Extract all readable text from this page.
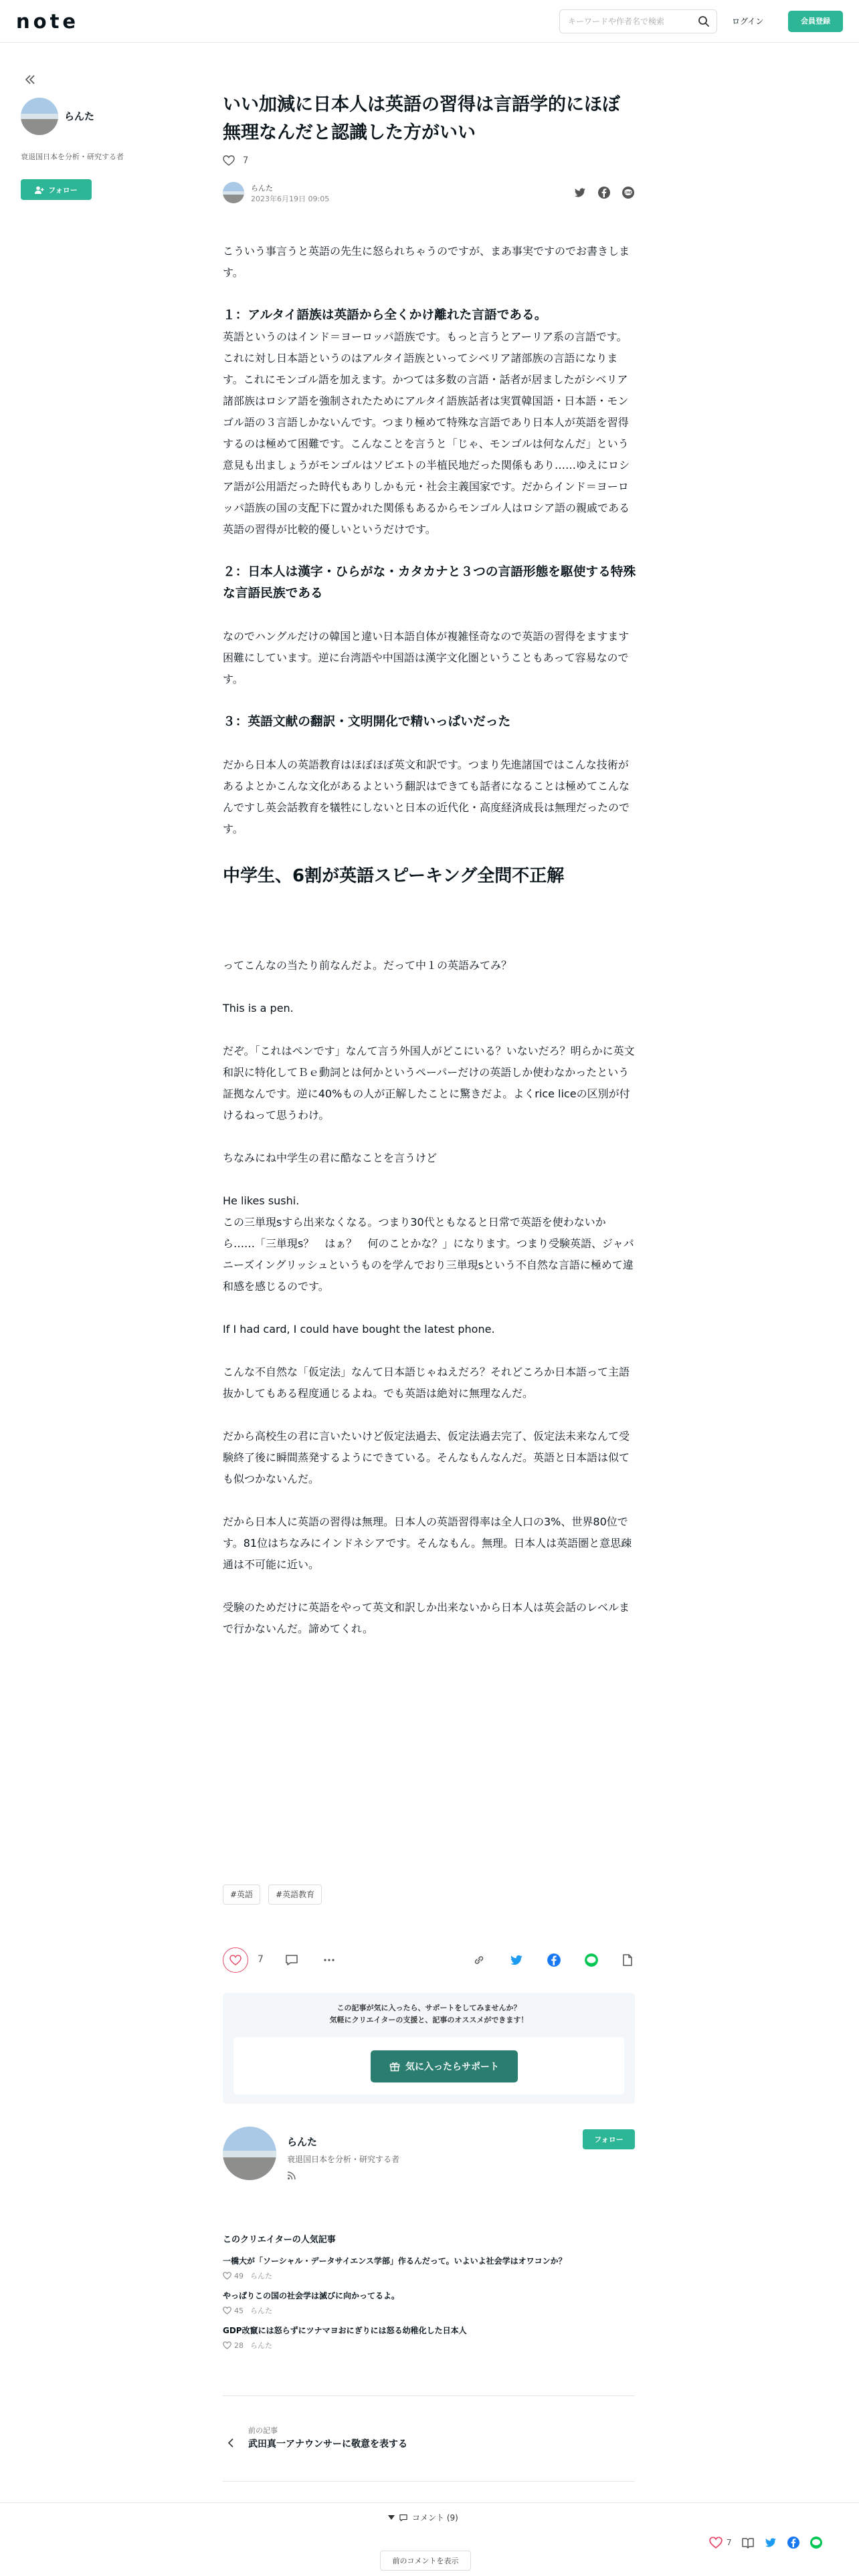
note
キーワードや作者名で検索	ログイン	会員登録
らんた
衰退国日本を分析・研究する者
フォロー
いい加減に日本人は英語の習得は言語学的にほぼ無理なんだと認識した方がいい
7
らんた
2023年6月19日 09:05
LINE

こういう事言うと英語の先生に怒られちゃうのですが、まあ事実ですのでお書きします。

１：アルタイ語族は英語から全くかけ離れた言語である。

英語というのはインド＝ヨーロッパ語族です。もっと言うとアーリア系の言語です。これに対し日本語というのはアルタイ語族といってシベリア諸部族の言語になります。これにモンゴル語を加えます。かつては多数の言語・話者が居ましたがシベリア諸部族はロシア語を強制されたためにアルタイ語族話者は実質韓国語・日本語・モンゴル語の３言語しかないんです。つまり極めて特殊な言語であり日本人が英語を習得するのは極めて困難です。こんなことを言うと「じゃ、モンゴルは何なんだ」という意見も出ましょうがモンゴルはソビエトの半植民地だった関係もあり……ゆえにロシア語が公用語だった時代もありしかも元・社会主義国家です。だからインド＝ヨーロッパ語族の国の支配下に置かれた関係もあるからモンゴル人はロシア語の親戚である英語の習得が比較的優しいというだけです。

２：日本人は漢字・ひらがな・カタカナと３つの言語形態を駆使する特殊な言語民族である

なのでハングルだけの韓国と違い日本語自体が複雑怪奇なので英語の習得をますます困難にしています。逆に台湾語や中国語は漢字文化圏ということもあって容易なのです。

３：英語文献の翻訳・文明開化で精いっぱいだった

だから日本人の英語教育はほぼほぼ英文和訳です。つまり先進諸国ではこんな技術があるよとかこんな文化があるよという翻訳はできても話者になることは極めてこんなんですし英会話教育を犠牲にしないと日本の近代化・高度経済成長は無理だったのです。

中学生、6割が英語スピーキング全問不正解

ってこんなの当たり前なんだよ。だって中１の英語みてみ？

This is a pen.

だぞ。「これはペンです」なんて言う外国人がどこにいる？いないだろ？明らかに英文和訳に特化してＢｅ動詞とは何かというペーパーだけの英語しか使わなかったという証拠なんです。逆に40%もの人が正解したことに驚きだよ。よくrice liceの区別が付けるねって思うわけ。

ちなみにね中学生の君に酷なことを言うけど

He likes sushi.

この三単現sすら出来なくなる。つまり30代ともなると日常で英語を使わないから……「三単現s？　はぁ？　何のことかな？」になります。つまり受験英語、ジャパニーズイングリッシュというものを学んでおり三単現sという不自然な言語に極めて違和感を感じるのです。

If I had card, I could have bought the latest phone.

こんな不自然な「仮定法」なんて日本語じゃねえだろ？それどころか日本語って主語抜かしてもある程度通じるよね。でも英語は絶対に無理なんだ。

だから高校生の君に言いたいけど仮定法過去、仮定法過去完了、仮定法未来なんて受験終了後に瞬間蒸発するようにできている。そんなもんなんだ。英語と日本語は似ても似つかないんだ。

だから日本人に英語の習得は無理。日本人の英語習得率は全人口の3%、世界80位です。81位はちなみにインドネシアです。そんなもん。無理。日本人は英語圏と意思疎通は不可能に近い。

受験のためだけに英語をやって英文和訳しか出来ないから日本人は英会話のレベルまで行かないんだ。諦めてくれ。

#英語	#英語教育
7
この記事が気に入ったら、サポートをしてみませんか？
気軽にクリエイターの支援と、記事のオススメができます！
気に入ったらサポート
らんた
衰退国日本を分析・研究する者
フォロー
このクリエイターの人気記事
一橋大が「ソーシャル・データサイエンス学部」作るんだって。いよいよ社会学はオワコンか？
49 らんた
やっぱりこの国の社会学は滅びに向かってるよ。
45 らんた
GDP改竄には怒らずにツナマヨおにぎりには怒る幼稚化した日本人
28 らんた
前の記事
武田真一アナウンサーに敬意を表する
コメント (9)
7
前のコメントを表示
